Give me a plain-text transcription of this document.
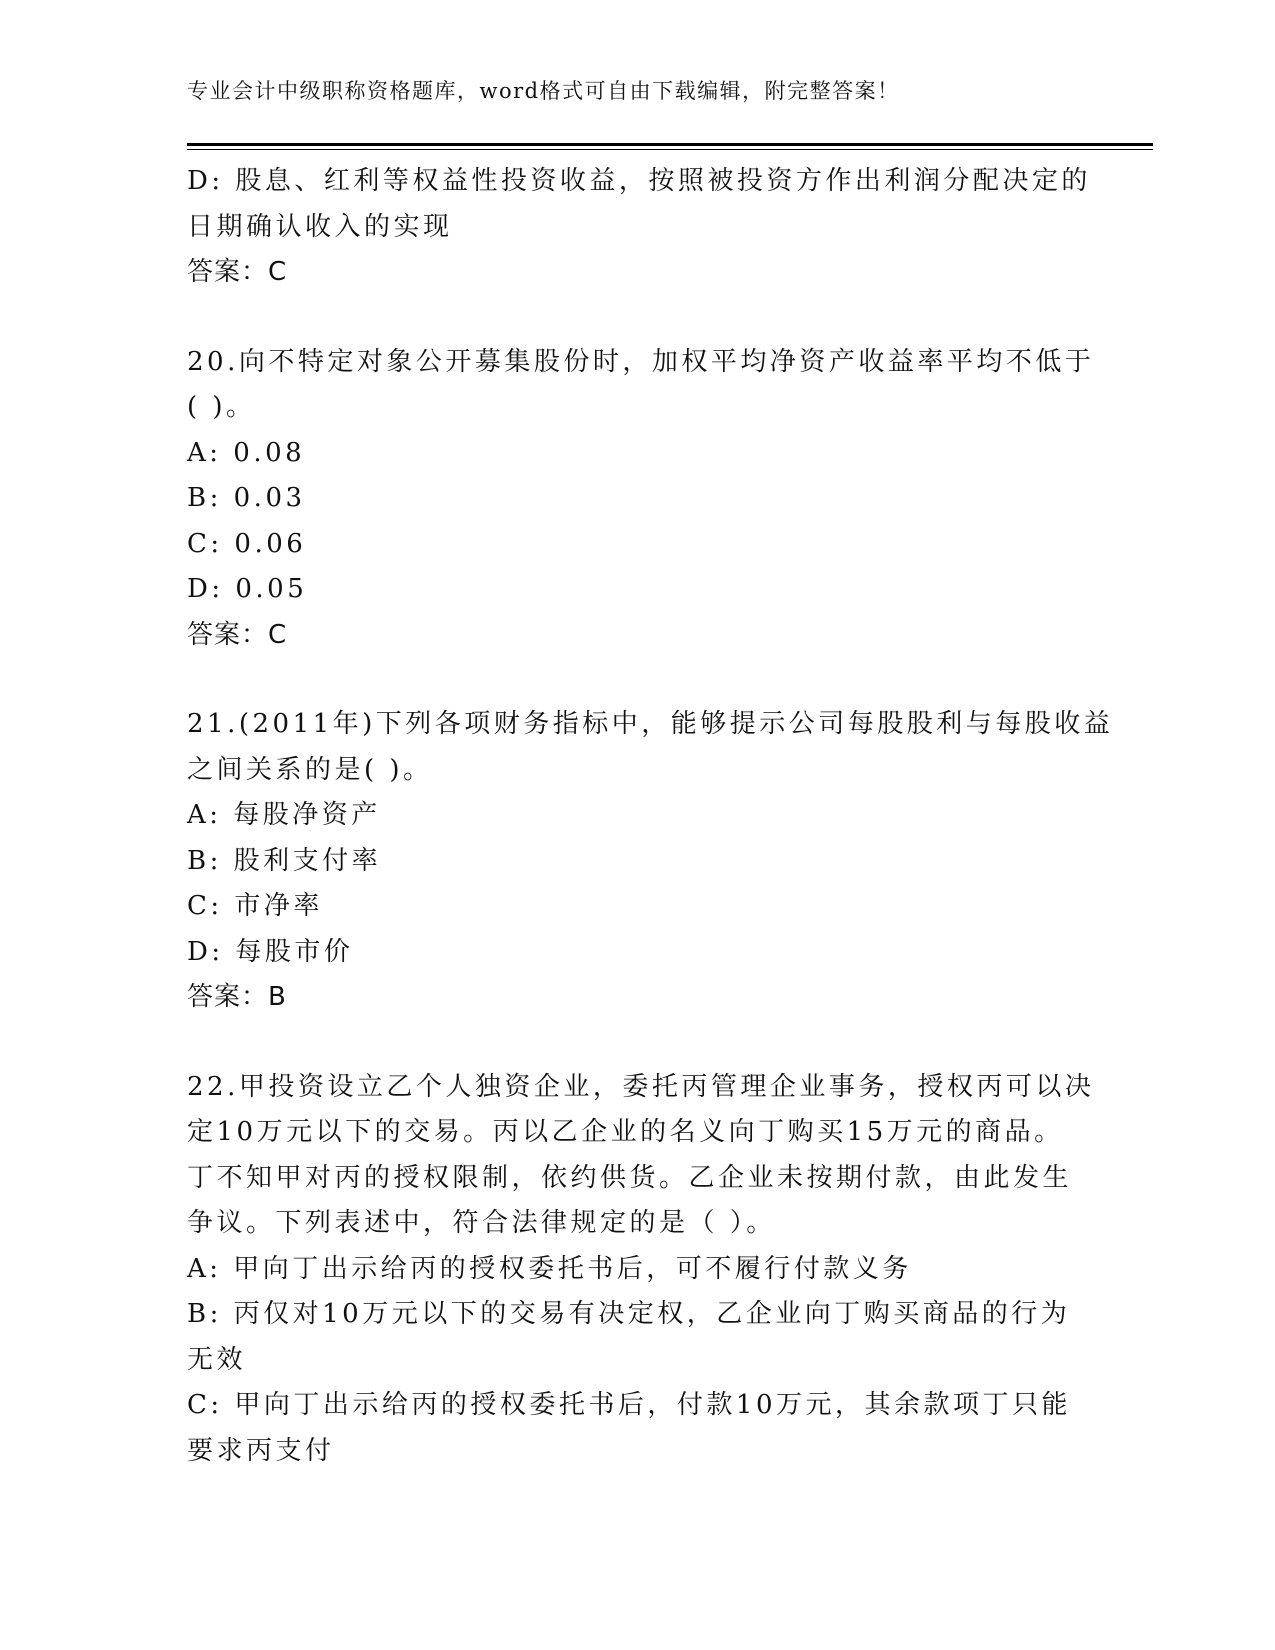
专业会计中级职称资格题库，word格式可自由下载编辑，附完整答案！
D: 股息、红利等权益性投资收益，按照被投资方作出利润分配决定的
日期确认收入的实现
答案：C
20.向不特定对象公开募集股份时，加权平均净资产收益率平均不低于
( )。
A: 0.08
B: 0.03
C: 0.06
D: 0.05
答案：C
21.(2011年)下列各项财务指标中，能够提示公司每股股利与每股收益
之间关系的是( )。
A: 每股净资产
B: 股利支付率
C: 市净率
D: 每股市价
答案：B
22.甲投资设立乙个人独资企业，委托丙管理企业事务，授权丙可以决
定10万元以下的交易。丙以乙企业的名义向丁购买15万元的商品。
丁不知甲对丙的授权限制，依约供货。乙企业未按期付款，由此发生
争议。下列表述中，符合法律规定的是（ ）。
A: 甲向丁出示给丙的授权委托书后，可不履行付款义务
B: 丙仅对10万元以下的交易有决定权，乙企业向丁购买商品的行为
无效
C: 甲向丁出示给丙的授权委托书后，付款10万元，其余款项丁只能
要求丙支付
